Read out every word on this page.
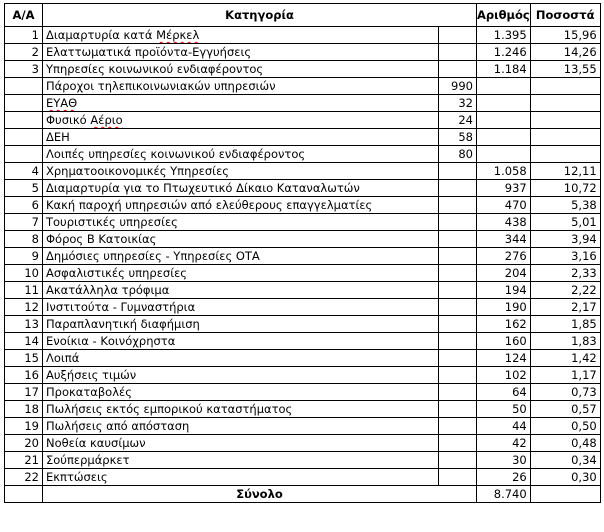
Α/Α	Κατηγορία		Αριθμός	Ποσοστά
1	Διαμαρτυρία κατά Μέρκελ		1.395	15,96
2	Ελαττωματικά προϊόντα-Εγγυήσεις		1.246	14,26
3	Υπηρεσίες κοινωνικού ενδιαφέροντος		1.184	13,55
	Πάροχοι τηλεπικοινωνιακών υπηρεσιών	990		
	ΕΥΑΘ	32		
	Φυσικό Αέριο	24		
	ΔΕΗ	58		
	Λοιπές υπηρεσίες κοινωνικού ενδιαφέροντος	80		
4	Χρηματοοικονομικές Υπηρεσίες		1.058	12,11
5	Διαμαρτυρία για το Πτωχευτικό Δίκαιο Καταναλωτών		937	10,72
6	Κακή παροχή υπηρεσιών από ελεύθερους επαγγελματίες		470	5,38
7	Τουριστικές υπηρεσίες		438	5,01
8	Φόρος Β Κατοικίας		344	3,94
9	Δημόσιες υπηρεσίες - Υπηρεσίες ΟΤΑ		276	3,16
10	Ασφαλιστικές υπηρεσίες		204	2,33
11	Ακατάλληλα τρόφιμα		194	2,22
12	Ινστιτούτα - Γυμναστήρια		190	2,17
13	Παραπλανητική διαφήμιση		162	1,85
14	Ενοίκια - Κοινόχρηστα		160	1,83
15	Λοιπά		124	1,42
16	Αυξήσεις τιμών		102	1,17
17	Προκαταβολές		64	0,73
18	Πωλήσεις εκτός εμπορικού καταστήματος		50	0,57
19	Πωλήσεις από απόσταση		44	0,50
20	Νοθεία καυσίμων		42	0,48
21	Σούπερμάρκετ		30	0,34
22	Εκπτώσεις		26	0,30
	Σύνολο		8.740	
